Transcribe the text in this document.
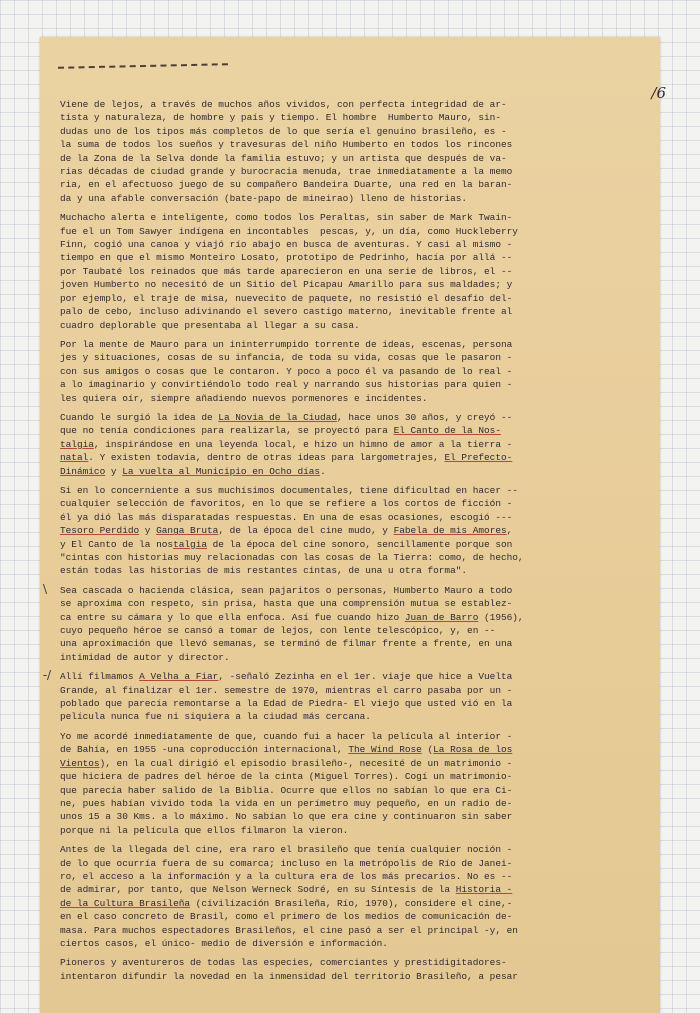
/6
Viene de lejos, a través de muchos años vividos, con perfecta integridad de ar-
tista y naturaleza, de hombre y país y tiempo. El hombre  Humberto Mauro, sin-
dudas uno de los tipos más completos de lo que sería el genuino brasileño, es -
la suma de todos los sueños y travesuras del niño Humberto en todos los rincones
de la Zona de la Selva donde la familia estuvo; y un artista que después de va-
rias décadas de ciudad grande y burocracia menuda, trae inmediatamente a la memo
ria, en el afectuoso juego de su compañero Bandeira Duarte, una red en la baran-
da y una afable conversación (bate-papo de mineirao) lleno de historias.
Muchacho alerta e inteligente, como todos los Peraltas, sin saber de Mark Twain-
fue el un Tom Sawyer indígena en incontables  pescas, y, un día, como Huckleberry
Finn, cogió una canoa y viajó río abajo en busca de aventuras. Y casi al mismo -
tiempo en que el mismo Monteiro Losato, prototipo de Pedrinho, hacía por allá --
por Taubaté los reinados que más tarde aparecieron en una serie de libros, el --
joven Humberto no necesitó de un Sitio del Picapau Amarillo para sus maldades; y
por ejemplo, el traje de misa, nuevecito de paquete, no resistió el desafío del-
palo de cebo, incluso adivinando el severo castigo materno, inevitable frente al
cuadro deplorable que presentaba al llegar a su casa.
Por la mente de Mauro para un ininterrumpido torrente de ideas, escenas, persona
jes y situaciones, cosas de su infancia, de toda su vida, cosas que le pasaron -
con sus amigos o cosas que le contaron. Y poco a poco él va pasando de lo real -
a lo imaginario y convirtiéndolo todo real y narrando sus historias para quien -
les quiera oír, siempre añadiendo nuevos pormenores e incidentes.
Cuando le surgió la idea de La Novia de la Ciudad, hace unos 30 años, y creyó --
que no tenía condiciones para realizarla, se proyectó para El Canto de la Nos-
talgia, inspirándose en una leyenda local, e hizo un himno de amor a la tierra -
natal. Y existen todavía, dentro de otras ideas para largometrajes, El Prefecto-
Dinámico y La vuelta al Municipio en Ocho días.
Si en lo concerniente a sus muchísimos documentales, tiene dificultad en hacer --
cualquier selección de favoritos, en lo que se refiere a los cortos de ficción -
él ya dió las más disparatadas respuestas. En una de esas ocasiones, escogió ---
Tesoro Perdido y Ganga Bruta, de la época del cine mudo, y Fabela de mis Amores,
y El Canto de la nostalgia de la época del cine sonoro, sencillamente porque son
"cintas con historias muy relacionadas con las cosas de la Tierra: como, de hecho,
están todas las historias de mis restantes cintas, de una u otra forma".
\ Sea cascada o hacienda clásica, sean pajaritos o personas, Humberto Mauro a todo
se aproxima con respeto, sin prisa, hasta que una comprensión mutua se establez-
ca entre su cámara y lo que ella enfoca. Así fue cuando hizo Juan de Barro (1956),
cuyo pequeño héroe se cansó a tomar de lejos, con lente telescópico, y, en --
una aproximación que llevó semanas, se terminó de filmar frente a frente, en una
intimidad de autor y director.
-/ Allí filmamos A Velha a Fiar, -señaló Zezinha en el 1er. viaje que hice a Vuelta
Grande, al finalizar el 1er. semestre de 1970, mientras el carro pasaba por un -
poblado que parecía remontarse a la Edad de Piedra- El viejo que usted vió en la
película nunca fue ni siquiera a la ciudad más cercana.
Yo me acordé inmediatamente de que, cuando fui a hacer la película al interior -
de Bahía, en 1955 -una coproducción internacional, The Wind Rose (La Rosa de los
Vientos), en la cual dirigió el episodio brasileño-, necesité de un matrimonio -
que hiciera de padres del héroe de la cinta (Miguel Torres). Cogí un matrimonio-
que parecía haber salido de la Biblia. Ocurre que ellos no sabían lo que era Ci-
ne, pues habían vivido toda la vida en un perímetro muy pequeño, en un radio de-
unos 15 a 30 Kms. a lo máximo. No sabían lo que era cine y continuaron sin saber
porque ni la película que ellos filmaron la vieron.
Antes de la llegada del cine, era raro el brasileño que tenía cualquier noción -
de lo que ocurría fuera de su comarca; incluso en la metrópolis de Río de Janei-
ro, el acceso a la información y a la cultura era de los más precarios. No es --
de admirar, por tanto, que Nelson Werneck Sodré, en su Síntesis de la Historia -
de la Cultura Brasileña (civilización Brasileña, Río, 1970), considere el cine,-
en el caso concreto de Brasil, como el primero de los medios de comunicación de-
masa. Para muchos espectadores Brasileños, el cine pasó a ser el principal -y, en
ciertos casos, el único- medio de diversión e información.
Pioneros y aventureros de todas las especies, comerciantes y prestidigitadores-
intentaron difundir la novedad en la inmensidad del territorio Brasileño, a pesar
